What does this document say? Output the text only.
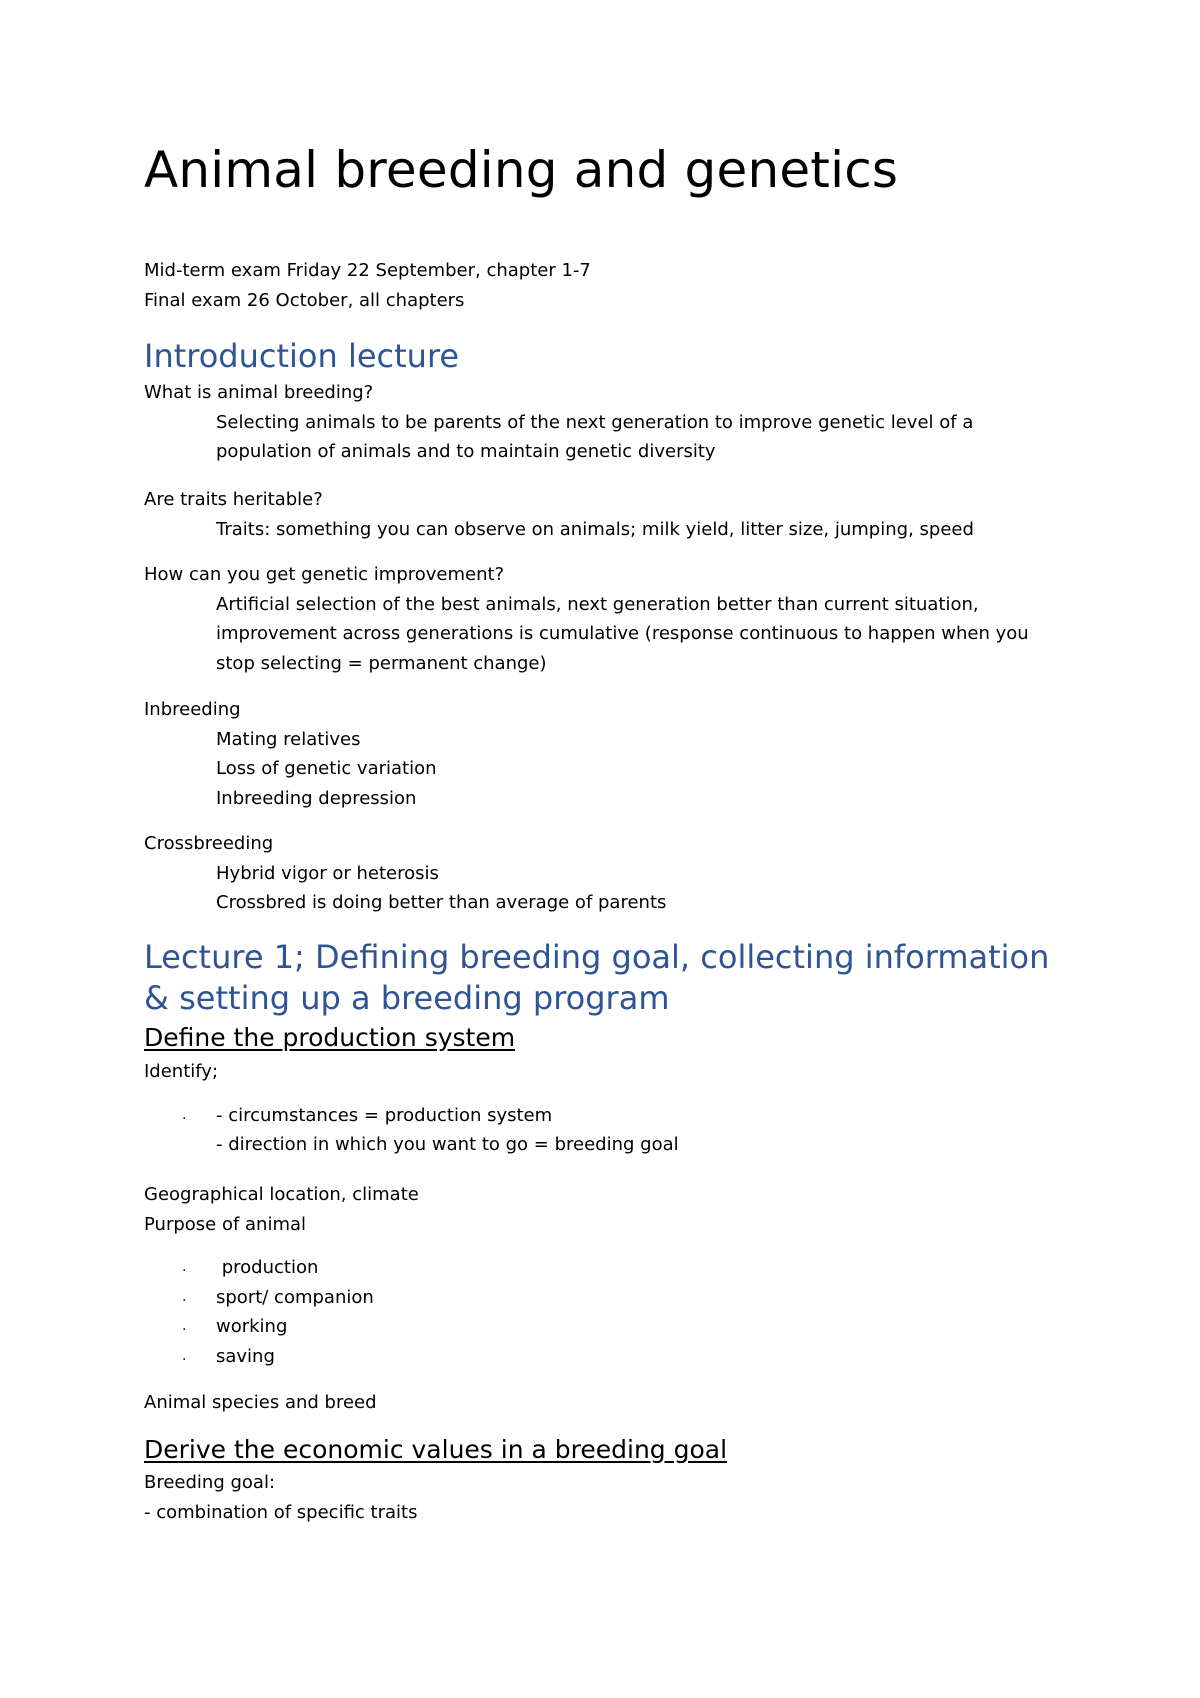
Animal breeding and genetics
Mid-term exam Friday 22 September, chapter 1-7
Final exam 26 October, all chapters
Introduction lecture
What is animal breeding?
Selecting animals to be parents of the next generation to improve genetic level of a
population of animals and to maintain genetic diversity
Are traits heritable?
Traits: something you can observe on animals; milk yield, litter size, jumping, speed
How can you get genetic improvement?
Artificial selection of the best animals, next generation better than current situation,
improvement across generations is cumulative (response continuous to happen when you
stop selecting = permanent change)
Inbreeding
Mating relatives
Loss of genetic variation
Inbreeding depression
Crossbreeding
Hybrid vigor or heterosis
Crossbred is doing better than average of parents
Lecture 1; Defining breeding goal, collecting information
& setting up a breeding program
Define the production system
Identify;
. - circumstances = production system
- direction in which you want to go = breeding goal
Geographical location, climate
Purpose of animal
. production
. sport/ companion
. working
. saving
Animal species and breed
Derive the economic values in a breeding goal
Breeding goal:
- combination of specific traits
